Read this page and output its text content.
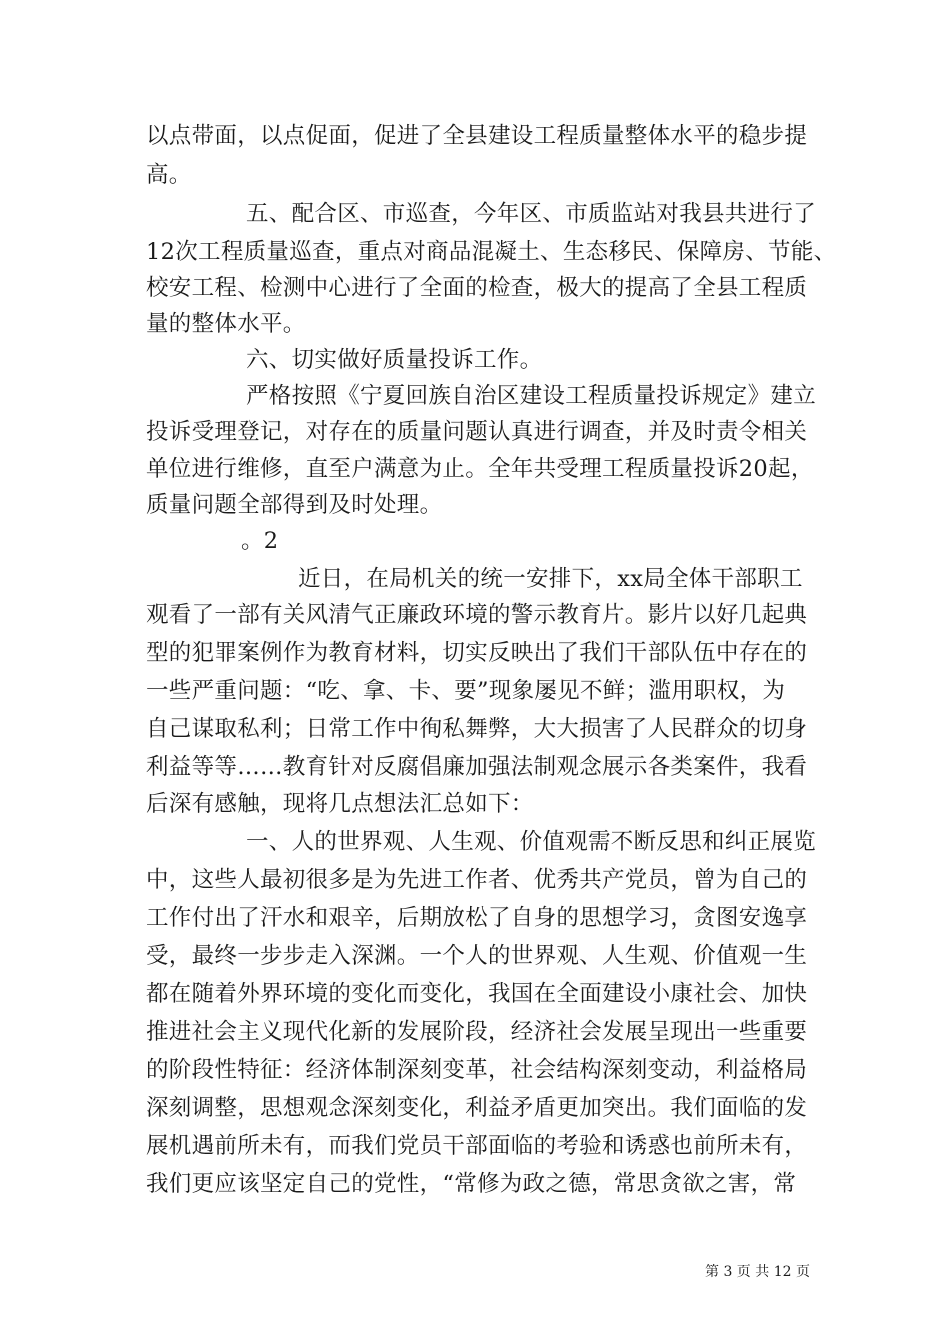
以点带面，以点促面，促进了全县建设工程质量整体水平的稳步提
高。
五、配合区、市巡查，今年区、市质监站对我县共进行了
12次工程质量巡查，重点对商品混凝土、生态移民、保障房、节能、
校安工程、检测中心进行了全面的检查，极大的提高了全县工程质
量的整体水平。
六、切实做好质量投诉工作。
严格按照《宁夏回族自治区建设工程质量投诉规定》建立
投诉受理登记，对存在的质量问题认真进行调查，并及时责令相关
单位进行维修，直至户满意为止。全年共受理工程质量投诉20起，
质量问题全部得到及时处理。
。2
近日，在局机关的统一安排下，xx局全体干部职工
观看了一部有关风清气正廉政环境的警示教育片。影片以好几起典
型的犯罪案例作为教育材料，切实反映出了我们干部队伍中存在的
一些严重问题：“吃、拿、卡、要”现象屡见不鲜；滥用职权，为
自己谋取私利；日常工作中徇私舞弊，大大损害了人民群众的切身
利益等等……教育针对反腐倡廉加强法制观念展示各类案件，我看
后深有感触，现将几点想法汇总如下：
一、人的世界观、人生观、价值观需不断反思和纠正展览
中，这些人最初很多是为先进工作者、优秀共产党员，曾为自己的
工作付出了汗水和艰辛，后期放松了自身的思想学习，贪图安逸享
受，最终一步步走入深渊。一个人的世界观、人生观、价值观一生
都在随着外界环境的变化而变化，我国在全面建设小康社会、加快
推进社会主义现代化新的发展阶段，经济社会发展呈现出一些重要
的阶段性特征：经济体制深刻变革，社会结构深刻变动，利益格局
深刻调整，思想观念深刻变化，利益矛盾更加突出。我们面临的发
展机遇前所未有，而我们党员干部面临的考验和诱惑也前所未有，
我们更应该坚定自己的党性，“常修为政之德，常思贪欲之害，常
第 3 页 共 12 页
